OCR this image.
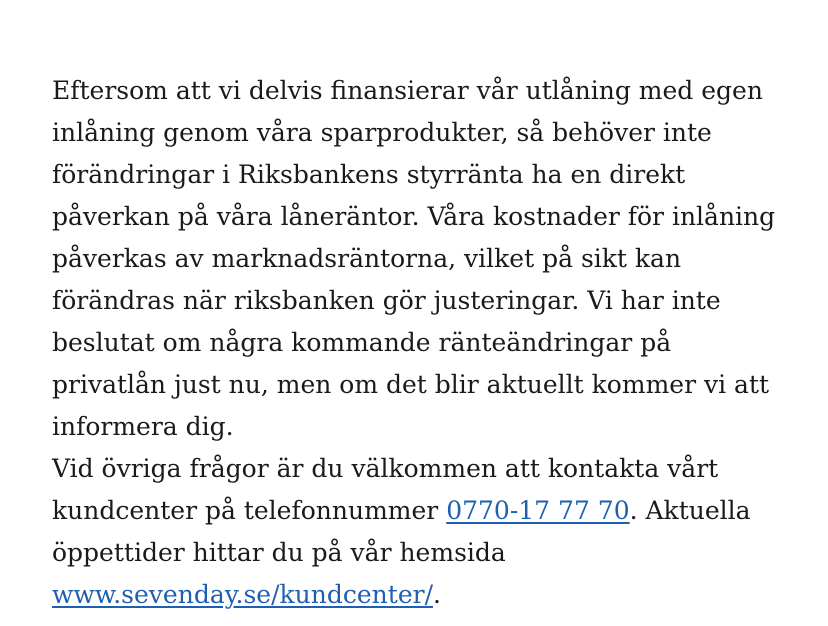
Eftersom att vi delvis finansierar vår utlåning med egen inlåning genom våra sparprodukter, så behöver inte förändringar i Riksbankens styrränta ha en direkt påverkan på våra låneräntor. Våra kostnader för inlåning påverkas av marknadsräntorna, vilket på sikt kan förändras när riksbanken gör justeringar. Vi har inte beslutat om några kommande ränteändringar på privatlån just nu, men om det blir aktuellt kommer vi att informera dig.

Vid övriga frågor är du välkommen att kontakta vårt kundcenter på telefonnummer 0770-17 77 70. Aktuella öppettider hittar du på vår hemsida www.sevenday.se/kundcenter/.
